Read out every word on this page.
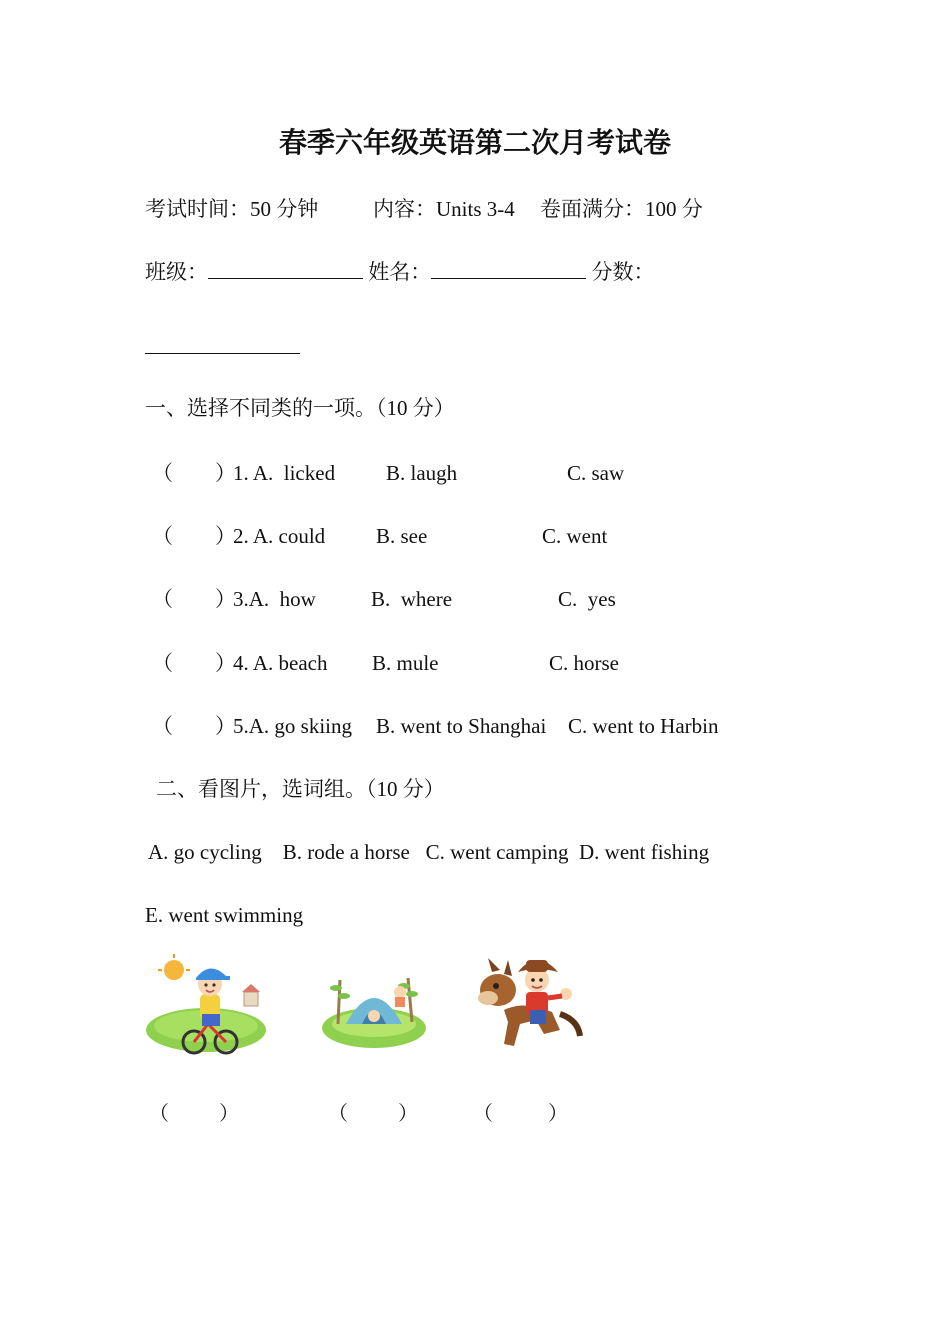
春季六年级英语第二次月考试卷
考试时间：50 分钟	内容：Units 3-4 卷面满分：100 分
班级：	姓名：	分数：
一、选择不同类的一项。（10 分）
（        ）
1. A.  licked B. laugh	C. saw
（        ）
2. A. could B. see	C. went
（        ）
3.A.  how	B.  where	C.  yes
（        ）
4. A. beach B. mule	C. horse
（        ）
5.A. go skiing B. went to Shanghai C. went to Harbin
二、看图片，选词组。（10 分）
A. go cycling    B. rode a horse   C. went camping  D. went fishing
E. went swimming
（          ）	（          ）	（           ）
